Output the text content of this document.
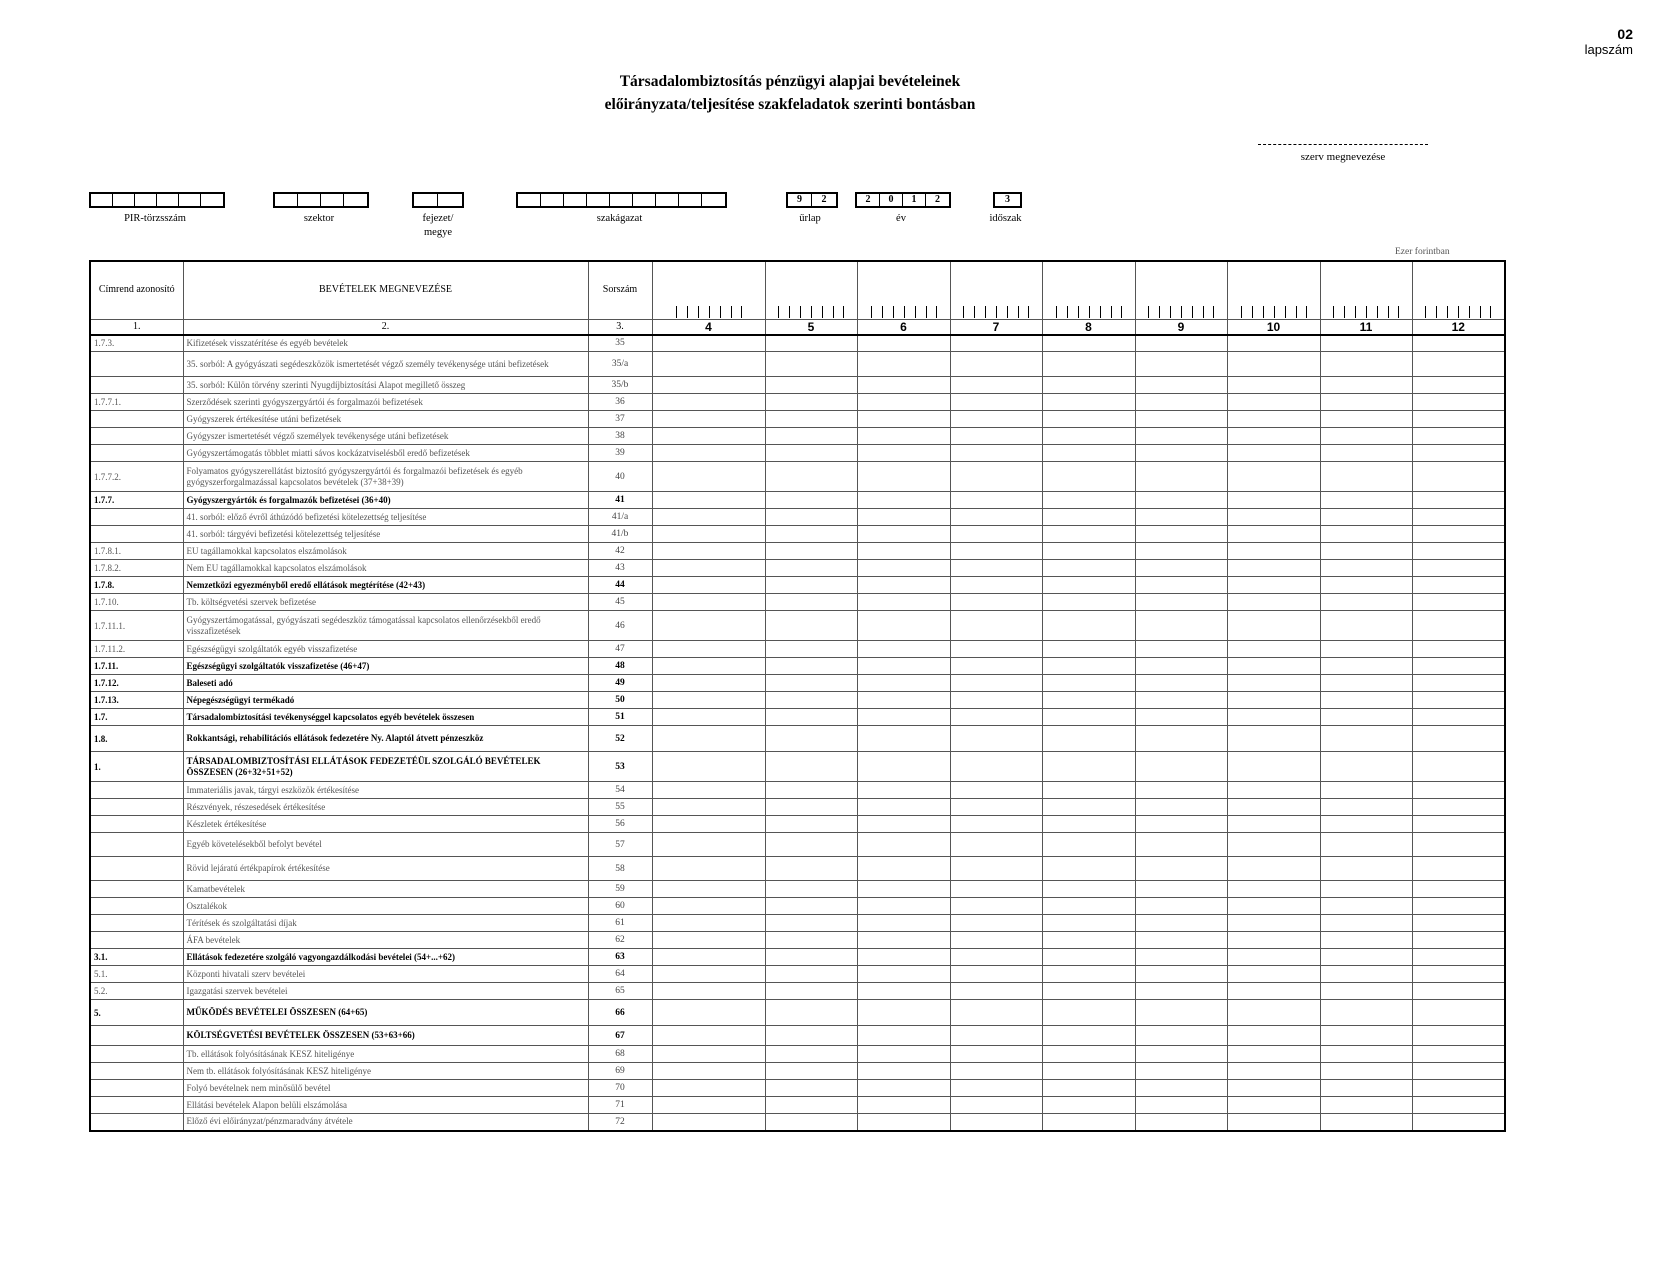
02
lapszám
Társadalombiztosítás pénzügyi alapjai bevételeinek
előirányzata/teljesítése szakfeladatok szerinti bontásban
szerv megnevezése
PIR-törzsszám	szektor	fejezet/ megye
szakágazat
9	2
űrlap
2	0	1	2
év
3
időszak
Ezer forintban
Címrend azonosító	BEVÉTELEK MEGNEVEZÉSE	Sorszám									

1.	2.	3.	4	5	6	7	8	9	10	11	12
1.7.3.	Kifizetések visszatérítése és egyéb bevételek	35									
	35. sorból: A gyógyászati segédeszközök ismertetését végző személy tevékenysége utáni befizetések	35/a									
	35. sorból: Külön törvény szerinti Nyugdíjbiztosítási Alapot megillető összeg	35/b									
1.7.7.1.	Szerződések szerinti gyógyszergyártói és forgalmazói befizetések	36									
	Gyógyszerek értékesítése utáni befizetések	37									
	Gyógyszer ismertetését végző személyek tevékenysége utáni befizetések	38									
	Gyógyszertámogatás többlet miatti sávos kockázatviselésből eredő befizetések	39									
1.7.7.2.	Folyamatos gyógyszerellátást biztosító gyógyszergyártói és forgalmazói befizetések és egyéb gyógyszerforgalmazással kapcsolatos bevételek (37+38+39)	40									
1.7.7.	Gyógyszergyártók és forgalmazók befizetései (36+40)	41									
	41. sorból: előző évről áthúzódó befizetési kötelezettség teljesítése	41/a									
	41. sorból: tárgyévi befizetési kötelezettség teljesítése	41/b									
1.7.8.1.	EU tagállamokkal kapcsolatos elszámolások	42									
1.7.8.2.	Nem EU tagállamokkal kapcsolatos elszámolások	43									
1.7.8.	Nemzetközi egyezményből eredő ellátások megtérítése (42+43)	44									
1.7.10.	Tb. költségvetési szervek befizetése	45									
1.7.11.1.	Gyógyszertámogatással, gyógyászati segédeszköz támogatással kapcsolatos ellenőrzésekből eredő visszafizetések	46									
1.7.11.2.	Egészségügyi szolgáltatók egyéb visszafizetése	47									
1.7.11.	Egészségügyi szolgáltatók visszafizetése (46+47)	48									
1.7.12.	Baleseti adó	49									
1.7.13.	Népegészségügyi termékadó	50									
1.7.	Társadalombiztosítási tevékenységgel kapcsolatos egyéb bevételek összesen	51									
1.8.	Rokkantsági, rehabilitációs ellátások fedezetére Ny. Alaptól átvett pénzeszköz	52									
1.	TÁRSADALOMBIZTOSÍTÁSI ELLÁTÁSOK FEDEZETÉÜL SZOLGÁLÓ BEVÉTELEK ÖSSZESEN (26+32+51+52)	53									
	Immateriális javak, tárgyi eszközök értékesítése	54									
	Részvények, részesedések értékesítése	55									
	Készletek értékesítése	56									
	Egyéb követelésekből befolyt bevétel	57									
	Rövid lejáratú értékpapírok értékesítése	58									
	Kamatbevételek	59									
	Osztalékok	60									
	Térítések és szolgáltatási díjak	61									
	ÁFA bevételek	62									
3.1.	Ellátások fedezetére szolgáló vagyongazdálkodási bevételei (54+...+62)	63									
5.1.	Központi hivatali szerv bevételei	64									
5.2.	Igazgatási szervek bevételei	65									
5.	MŰKÖDÉS BEVÉTELEI ÖSSZESEN (64+65)	66									
	KÖLTSÉGVETÉSI BEVÉTELEK ÖSSZESEN (53+63+66)	67									
	Tb. ellátások folyósításának KESZ hiteligénye	68									
	Nem tb. ellátások folyósításának KESZ hiteligénye	69									
	Folyó bevételnek nem minősülő bevétel	70									
	Ellátási bevételek Alapon belüli elszámolása	71									
	Előző évi előirányzat/pénzmaradvány átvétele	72									
